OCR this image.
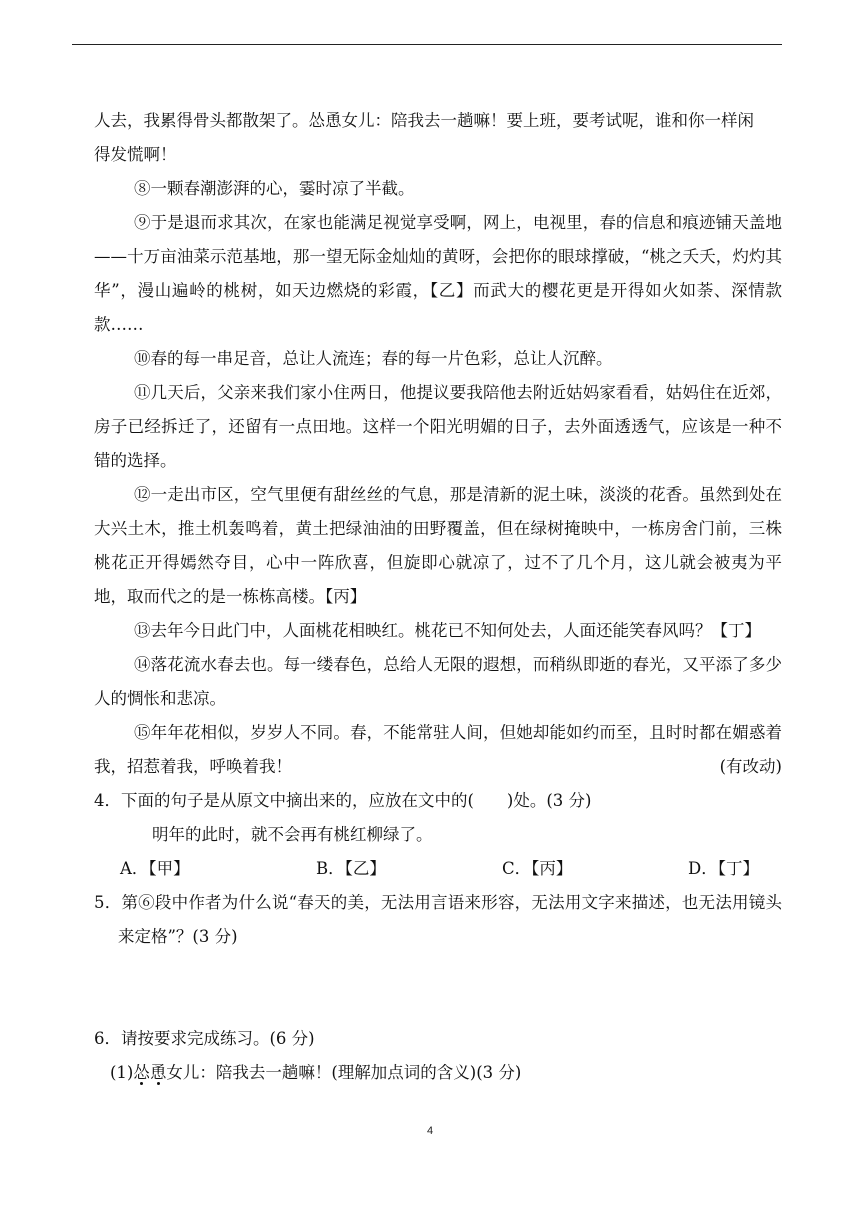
人去，我累得骨头都散架了。怂恿女儿：陪我去一趟嘛！要上班，要考试呢，谁和你一样闲

得发慌啊！

⑧一颗春潮澎湃的心，霎时凉了半截。

⑨于是退而求其次，在家也能满足视觉享受啊，网上，电视里，春的信息和痕迹铺天盖地——十万亩油菜示范基地，那一望无际金灿灿的黄呀，会把你的眼球撑破，“桃之夭夭，灼灼其华”，漫山遍岭的桃树，如天边燃烧的彩霞，【乙】而武大的樱花更是开得如火如荼、深情款款……

⑩春的每一串足音，总让人流连；春的每一片色彩，总让人沉醉。

⑪几天后，父亲来我们家小住两日，他提议要我陪他去附近姑妈家看看，姑妈住在近郊，房子已经拆迁了，还留有一点田地。这样一个阳光明媚的日子，去外面透透气，应该是一种不错的选择。

⑫一走出市区，空气里便有甜丝丝的气息，那是清新的泥土味，淡淡的花香。虽然到处在大兴土木，推土机轰鸣着，黄土把绿油油的田野覆盖，但在绿树掩映中，一栋房舍门前，三株桃花正开得嫣然夺目，心中一阵欣喜，但旋即心就凉了，过不了几个月，这儿就会被夷为平地，取而代之的是一栋栋高楼。【丙】

⑬去年今日此门中，人面桃花相映红。桃花已不知何处去，人面还能笑春风吗？【丁】

⑭落花流水春去也。每一缕春色，总给人无限的遐想，而稍纵即逝的春光，又平添了多少人的惆怅和悲凉。

⑮年年花相似，岁岁人不同。春，不能常驻人间，但她却能如约而至，且时时都在媚惑着我，招惹着我，呼唤着我！	(有改动)

4．下面的句子是从原文中摘出来的，应放在文中的(　　)处。(3 分)

明年的此时，就不会再有桃红柳绿了。

A．【甲】	B．【乙】	C．【丙】	D．【丁】

5．第⑥段中作者为什么说“春天的美，无法用言语来形容，无法用文字来描述，也无法用镜头来定格”？(3 分)

6．请按要求完成练习。(6 分)

(1)怂恿女儿：陪我去一趟嘛！(理解加点词的含义)(3 分)

4
